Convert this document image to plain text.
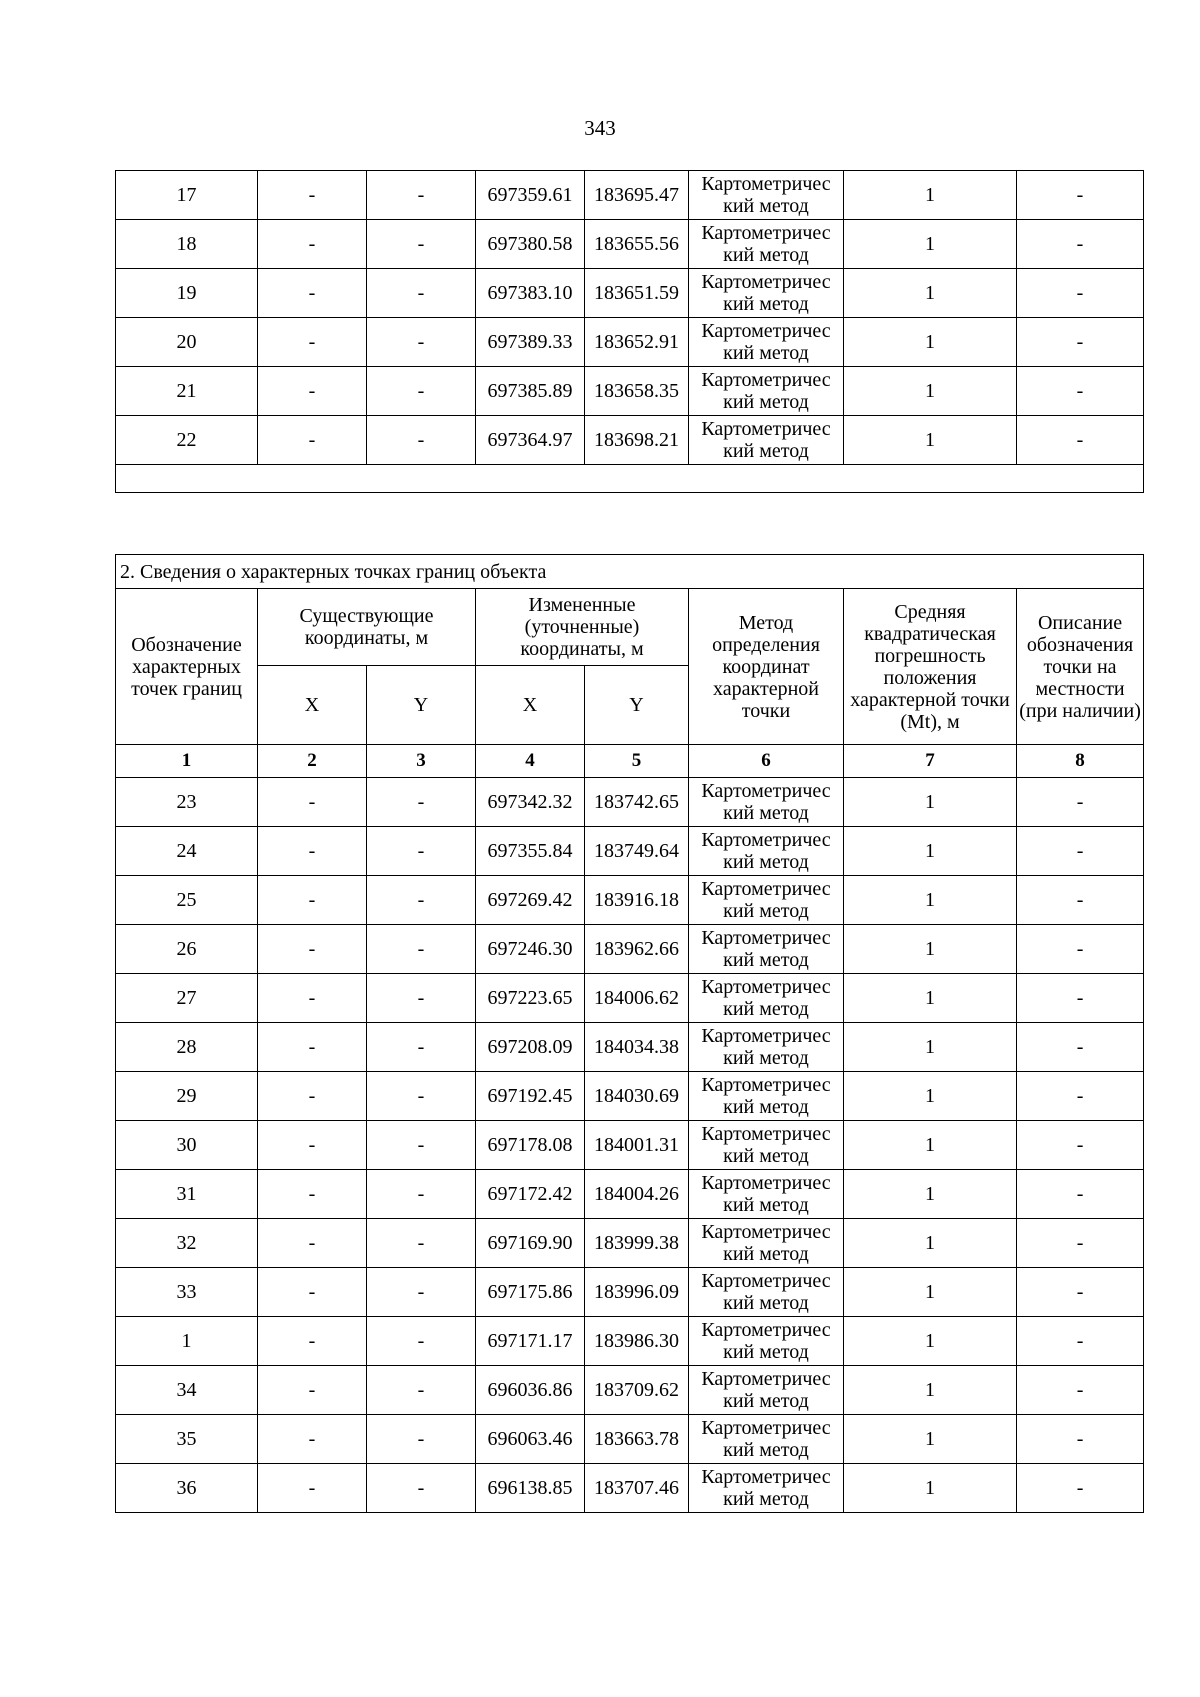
343
17	-	-	697359.61	183695.47	Картометричес кий метод	1	-
18	-	-	697380.58	183655.56	Картометричес кий метод	1	-
19	-	-	697383.10	183651.59	Картометричес кий метод	1	-
20	-	-	697389.33	183652.91	Картометричес кий метод	1	-
21	-	-	697385.89	183658.35	Картометричес кий метод	1	-
22	-	-	697364.97	183698.21	Картометричес кий метод	1	-

2. Сведения о характерных точках границ объекта							
Обозначение характерных точек границ	Существующие координаты, м		Измененные (уточненные) координаты, м		Метод определения координат характерной точки	Средняя квадратическая погрешность положения характерной точки (Mt), м	Описание обозначения точки на местности (при наличии)
	X	Y	X	Y			
1	2	3	4	5	6	7	8
23	-	-	697342.32	183742.65	Картометричес кий метод	1	-
24	-	-	697355.84	183749.64	Картометричес кий метод	1	-
25	-	-	697269.42	183916.18	Картометричес кий метод	1	-
26	-	-	697246.30	183962.66	Картометричес кий метод	1	-
27	-	-	697223.65	184006.62	Картометричес кий метод	1	-
28	-	-	697208.09	184034.38	Картометричес кий метод	1	-
29	-	-	697192.45	184030.69	Картометричес кий метод	1	-
30	-	-	697178.08	184001.31	Картометричес кий метод	1	-
31	-	-	697172.42	184004.26	Картометричес кий метод	1	-
32	-	-	697169.90	183999.38	Картометричес кий метод	1	-
33	-	-	697175.86	183996.09	Картометричес кий метод	1	-
1	-	-	697171.17	183986.30	Картометричес кий метод	1	-
34	-	-	696036.86	183709.62	Картометричес кий метод	1	-
35	-	-	696063.46	183663.78	Картометричес кий метод	1	-
36	-	-	696138.85	183707.46	Картометричес кий метод	1	-
